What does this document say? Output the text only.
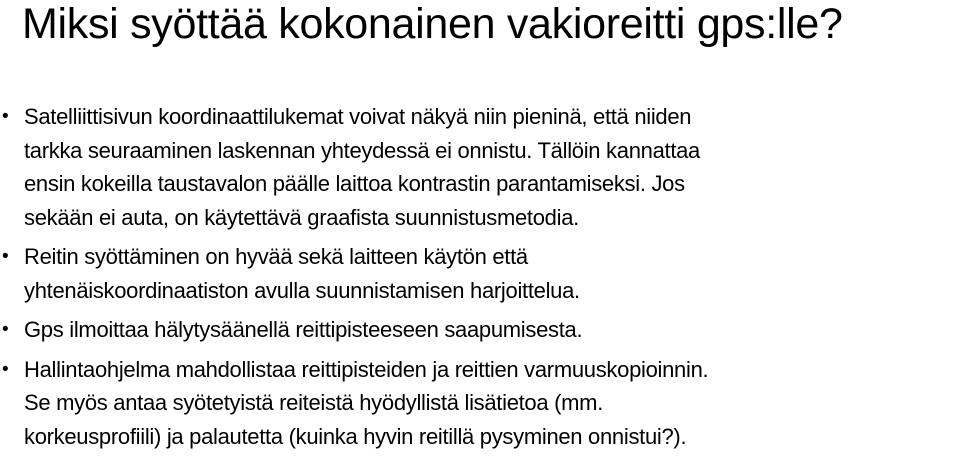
Miksi syöttää kokonainen vakioreitti gps:lle?
• Satelliittisivun koordinaattilukemat voivat näkyä niin pieninä, että niiden
tarkka seuraaminen laskennan yhteydessä ei onnistu. Tällöin kannattaa
ensin kokeilla taustavalon päälle laittoa kontrastin parantamiseksi. Jos
sekään ei auta, on käytettävä graafista suunnistusmetodia.
• Reitin syöttäminen on hyvää sekä laitteen käytön että
yhtenäiskoordinaatiston avulla suunnistamisen harjoittelua.
• Gps ilmoittaa hälytysäänellä reittipisteeseen saapumisesta.
• Hallintaohjelma mahdollistaa reittipisteiden ja reittien varmuuskopioinnin.
Se myös antaa syötetyistä reiteistä hyödyllistä lisätietoa (mm.
korkeusprofiili) ja palautetta (kuinka hyvin reitillä pysyminen onnistui?).
